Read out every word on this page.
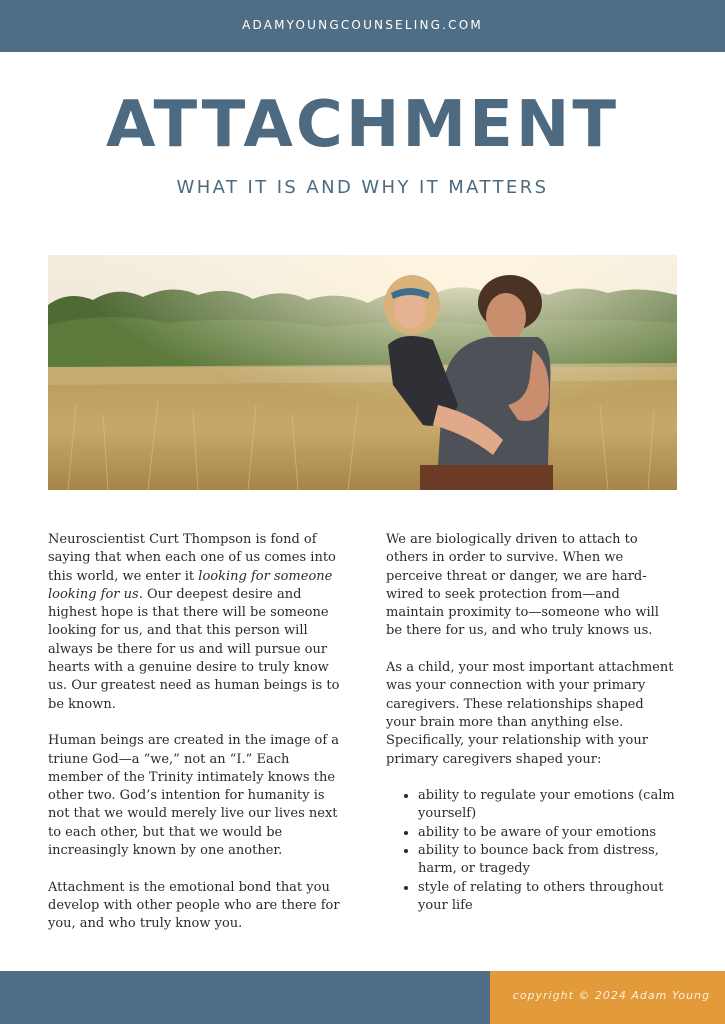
ADAMYOUNGCOUNSELING.COM
ATTACHMENT
WHAT IT IS AND WHY IT MATTERS

Neuroscientist Curt Thompson is fond of saying that when each one of us comes into this world, we enter it looking for someone looking for us. Our deepest desire and highest hope is that there will be someone looking for us, and that this person will always be there for us and will pursue our hearts with a genuine desire to truly know us. Our greatest need as human beings is to be known.

Human beings are created in the image of a triune God—a “we,” not an “I.” Each member of the Trinity intimately knows the other two. God’s intention for humanity is not that we would merely live our lives next to each other, but that we would be increasingly known by one another.

Attachment is the emotional bond that you develop with other people who are there for you, and who truly know you.

We are biologically driven to attach to others in order to survive. When we perceive threat or danger, we are hard-wired to seek protection from—and maintain proximity to—someone who will be there for us, and who truly knows us.

As a child, your most important attachment was your connection with your primary caregivers. These relationships shaped your brain more than anything else. Specifically, your relationship with your primary caregivers shaped your:

• ability to regulate your emotions (calm yourself)
• ability to be aware of your emotions
• ability to bounce back from distress, harm, or tragedy
• style of relating to others throughout your life
copyright © 2024 Adam Young
